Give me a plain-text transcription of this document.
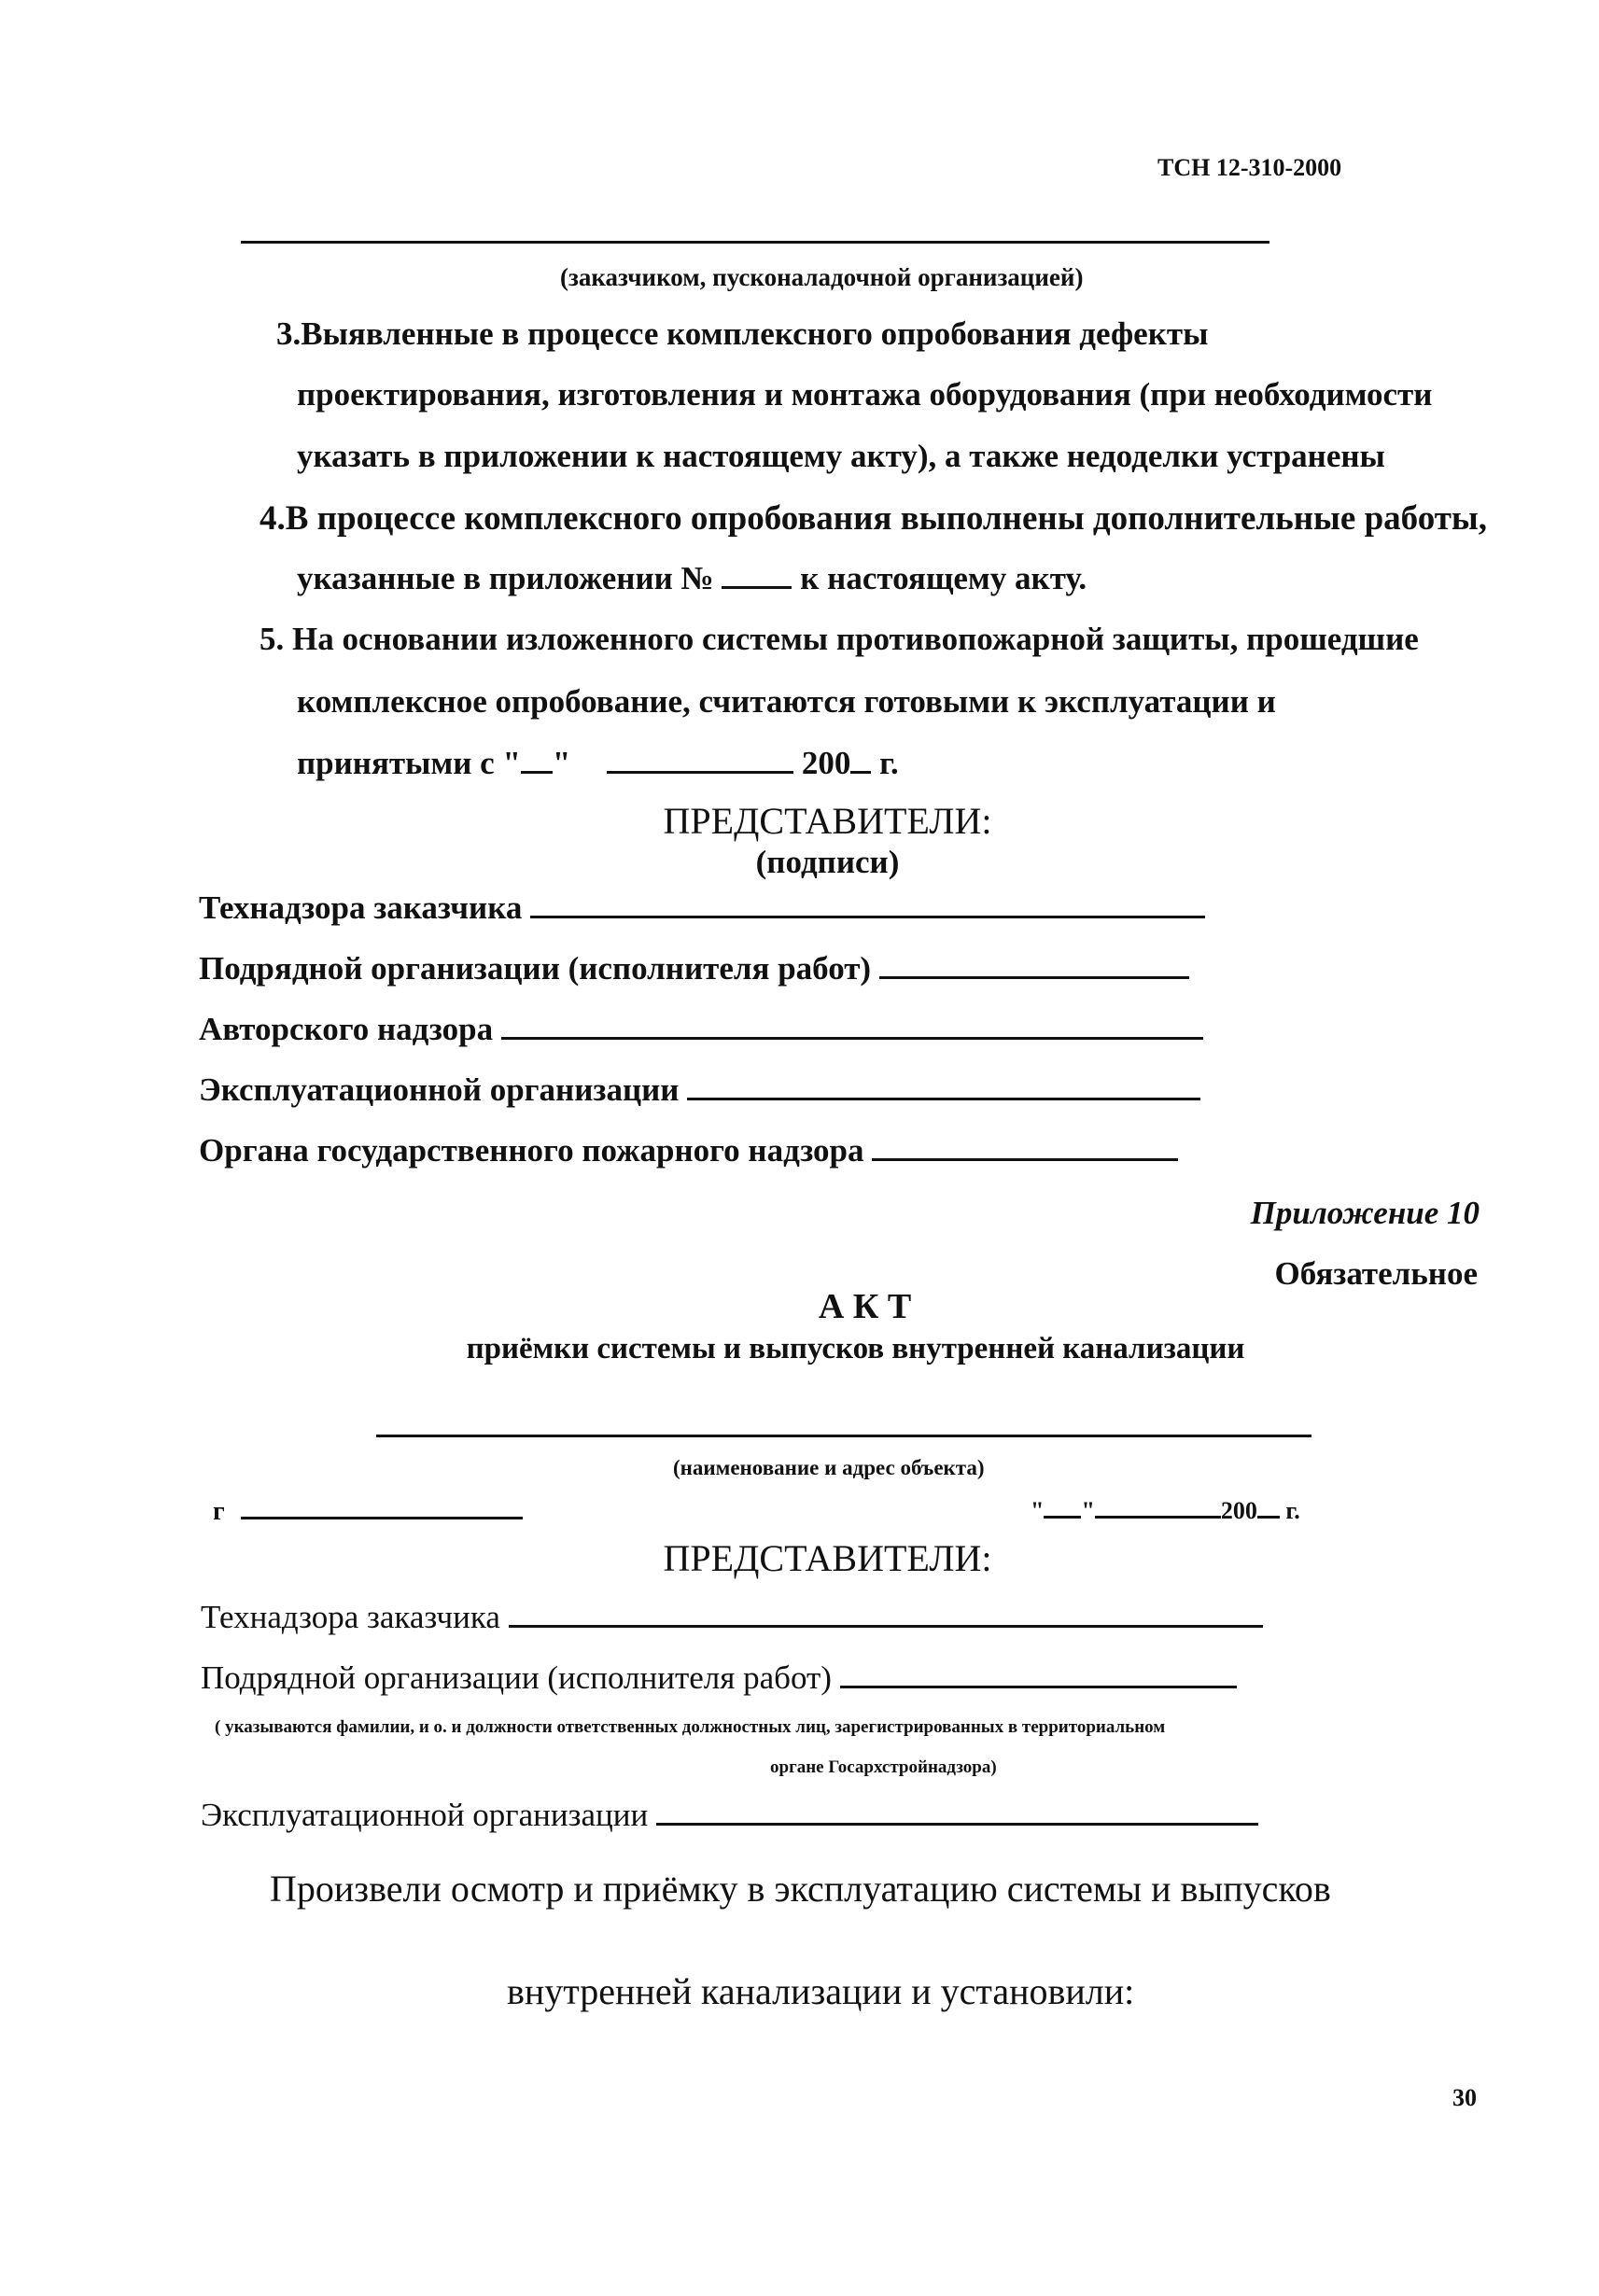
ТСН 12-310-2000
(заказчиком, пусконаладочной организацией)
3.Выявленные в процессе комплексного опробования дефекты
проектирования, изготовления и монтажа оборудования (при необходимости
указать в приложении к настоящему акту), а также недоделки устранены
4.В процессе комплексного опробования выполнены дополнительные работы,
указанные в приложении №	к настоящему акту.
5. На основании изложенного системы противопожарной защиты, прошедшие
комплексное опробование, считаются готовыми к эксплуатации и
принятыми с " "	200 г.
ПРЕДСТАВИТЕЛИ:
(подписи)
Технадзора заказчика
Подрядной организации (исполнителя работ)
Авторского надзора
Эксплуатационной организации
Органа государственного пожарного надзора
Приложение 10
Обязательное
А К Т
приёмки системы и выпусков внутренней канализации
(наименование и адрес объекта)
г	" "	200 г.
ПРЕДСТАВИТЕЛИ:
Технадзора заказчика
Подрядной организации (исполнителя работ)
( указываются фамилии, и о. и должности ответственных должностных лиц, зарегистрированных в территориальном
органе Госархстройнадзора)
Эксплуатационной организации
Произвели осмотр и приёмку в эксплуатацию системы и выпусков
внутренней канализации и установили:
30
